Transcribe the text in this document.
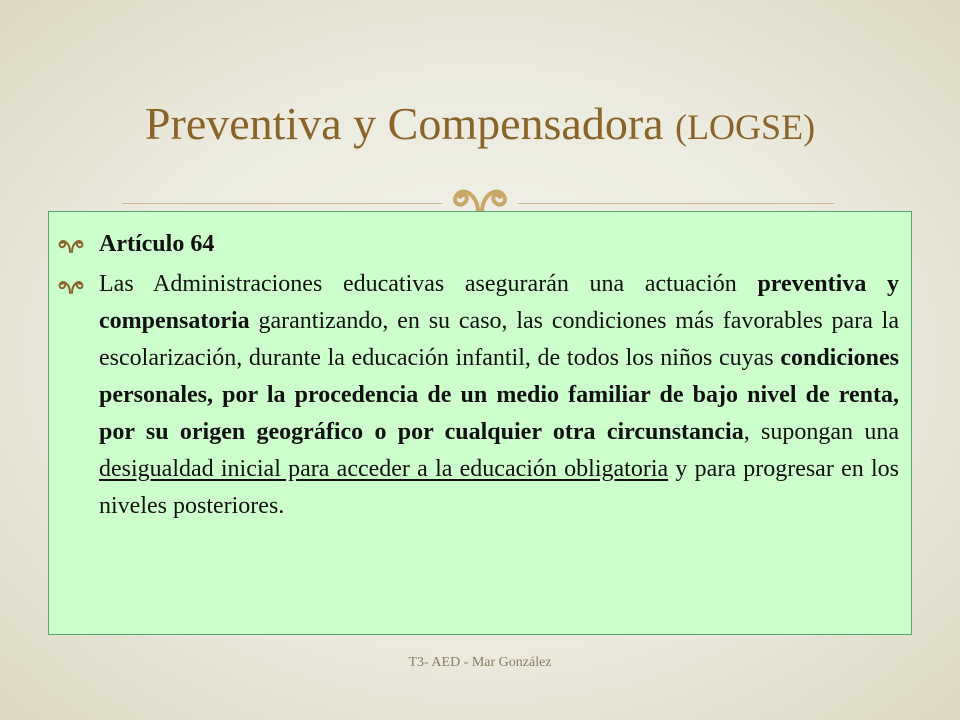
Preventiva y Compensadora (LOGSE)
Artículo 64
Las Administraciones educativas asegurarán una actuación preventiva y compensatoria garantizando, en su caso, las condiciones más favorables para la escolarización, durante la educación infantil, de todos los niños cuyas condiciones personales, por la procedencia de un medio familiar de bajo nivel de renta, por su origen geográfico o por cualquier otra circunstancia, supongan una desigualdad inicial para acceder a la educación obligatoria y para progresar en los niveles posteriores.
T3- AED - Mar González
